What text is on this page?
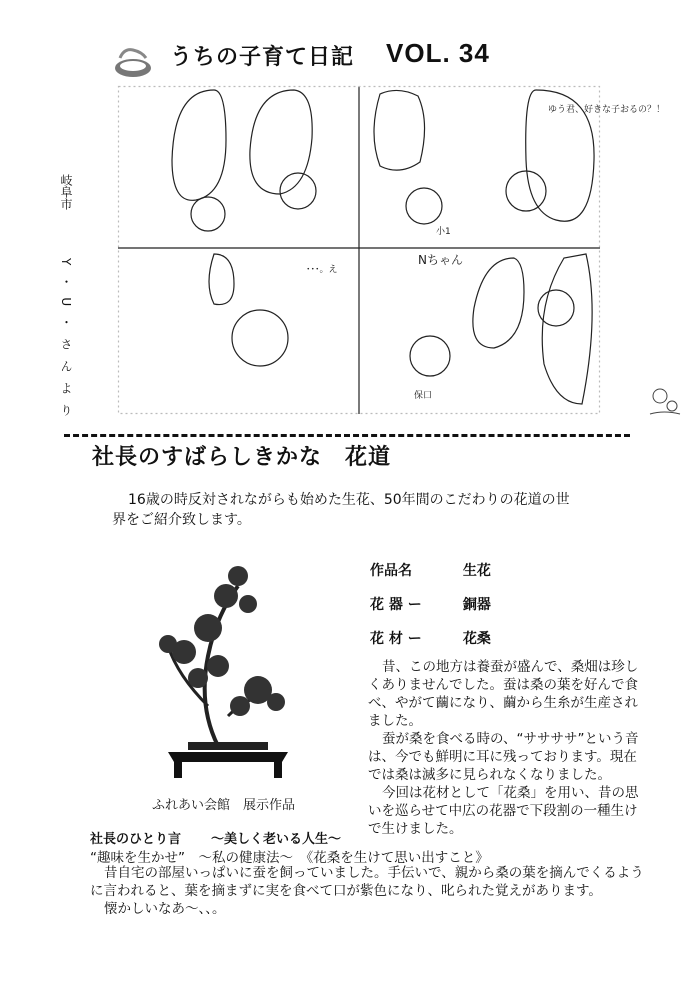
うちの子育て日記 VOL. 34
岐阜市
Y・U・さんより
ゆう君、好きな子おるの？！
小1
Nちゃん
保口
･･･。え
社長のすばらしきかな　花道
16歳の時反対されながらも始めた生花、50年間のこだわりの花道の世界をご紹介致します。
ふれあい会館　展示作品
作品名	生花
花 器 ー	銅器
花 材 ー	花桑

昔、この地方は養蚕が盛んで、桑畑は珍しくありませんでした。蚕は桑の葉を好んで食べ、やがて繭になり、繭から生糸が生産されました。

蚕が桑を食べる時の、“ササササ”という音は、今でも鮮明に耳に残っております。現在では桑は滅多に見られなくなりました。

今回は花材として「花桑」を用い、昔の思いを巡らせて中広の花器で下段割の一種生けで生けました。

社長のひとり言 ～美しく老いる人生～
“趣味を生かせ”　～私の健康法～　《花桑を生けて思い出すこと》

昔自宅の部屋いっぱいに蚕を飼っていました。手伝いで、親から桑の葉を摘んでくるように言われると、葉を摘まずに実を食べて口が紫色になり、叱られた覚えがあります。

懐かしいなあ～、、。
